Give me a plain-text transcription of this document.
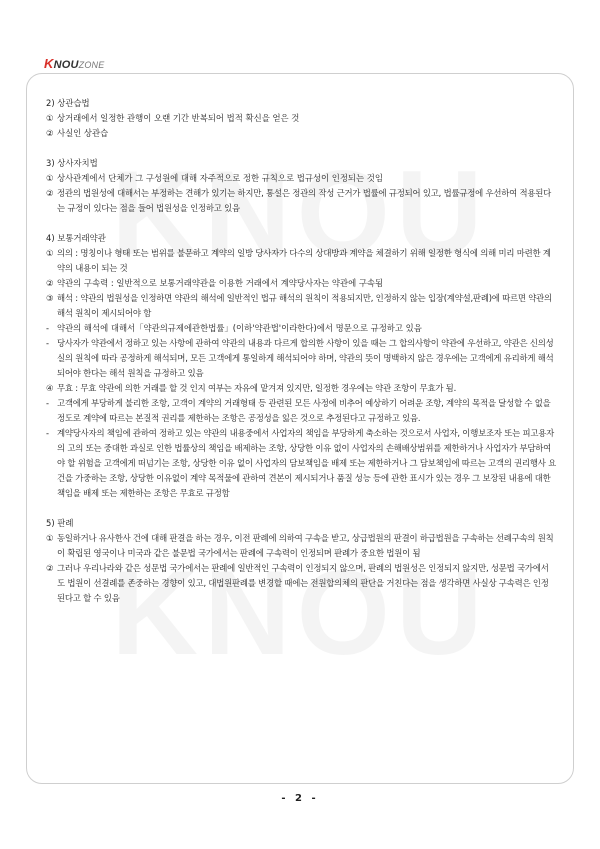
KNOUZONE

2) 상관습법

① 상거래에서 일정한 관행이 오랜 기간 반복되어 법적 확신을 얻은 것

② 사실인 상관습

3) 상사자치법

① 상사관계에서 단체가 그 구성원에 대해 자주적으로 정한 규칙으로 법규성이 인정되는 것임

② 정관의 법원성에 대해서는 부정하는 견해가 있기는 하지만, 통설은 정관의 작성 근거가 법률에 규정되어 있고, 법률규정에 우선하여 적용된다는 규정이 있다는 점을 들어 법원성을 인정하고 있음

4) 보통거래약관

① 의의 : 명칭이나 형태 또는 범위를 불문하고 계약의 일방 당사자가 다수의 상대방과 계약을 체결하기 위해 일정한 형식에 의해 미리 마련한 계약의 내용이 되는 것

② 약관의 구속력 : 일반적으로 보통거래약관을 이용한 거래에서 계약당사자는 약관에 구속됨

③ 해석 : 약관의 법원성을 인정하면 약관의 해석에 일반적인 법규 해석의 원칙이 적용되지만, 인정하지 않는 입장(계약설,판례)에 따르면 약관의 해석 원칙이 제시되어야 함

- 약관의 해석에 대해서「약관의규제에관한법률」(이하'약관법'이라한다)에서 명문으로 규정하고 있음

- 당사자가 약관에서 정하고 있는 사항에 관하여 약관의 내용과 다르게 합의한 사항이 있을 때는 그 합의사항이 약관에 우선하고, 약관은 신의성실의 원칙에 따라 공정하게 해석되며, 모든 고객에게 통일하게 해석되어야 하며, 약관의 뜻이 명백하지 않은 경우에는 고객에게 유리하게 해석되어야 한다는 해석 원칙을 규정하고 있음

④ 무효 : 무효 약관에 의한 거래를 할 것 인지 여부는 자유에 맡겨져 있지만, 일정한 경우에는 약관 조항이 무효가 됨.

- 고객에게 부당하게 불리한 조항, 고객이 계약의 거래형태 등 관련된 모든 사정에 비추어 예상하기 어려운 조항, 계약의 목적을 달성할 수 없을 정도로 계약에 따르는 본질적 권리를 제한하는 조항은 공정성을 잃은 것으로 추정된다고 규정하고 있음.

- 계약당사자의 책임에 관하여 정하고 있는 약관의 내용중에서 사업자의 책임을 부당하게 축소하는 것으로서 사업자, 이행보조자 또는 피고용자의 고의 또는 중대한 과실로 인한 법률상의 책임을 배제하는 조항, 상당한 이유 없이 사업자의 손해배상범위를 제한하거나 사업자가 부담하여야 할 위험을 고객에게 떠넘기는 조항, 상당한 이유 없이 사업자의 담보책임을 배제 또는 제한하거나 그 담보책임에 따르는 고객의 권리행사 요건을 가중하는 조항, 상당한 이유없이 계약 목적물에 관하여 견본이 제시되거나 품질 성능 등에 관한 표시가 있는 경우 그 보장된 내용에 대한 책임을 배제 또는 제한하는 조항은 무효로 규정함

5) 판례

① 동일하거나 유사한사 건에 대해 판결을 하는 경우, 이전 판례에 의하여 구속을 받고, 상급법원의 판결이 하급법원을 구속하는 선례구속의 원칙이 확립된 영국이나 미국과 같은 불문법 국가에서는 판례에 구속력이 인정되며 판례가 중요한 법원이 됨

② 그러나 우리나라와 같은 성문법 국가에서는 판례에 일반적인 구속력이 인정되지 않으며, 판례의 법원성은 인정되지 않지만, 성문법 국가에서도 법원이 선결례를 존중하는 경향이 있고, 대법원판례를 변경할 때에는 전원합의체의 판단을 거친다는 점을 생각하면 사실상 구속력은 인정된다고 할 수 있음

- 2 -
